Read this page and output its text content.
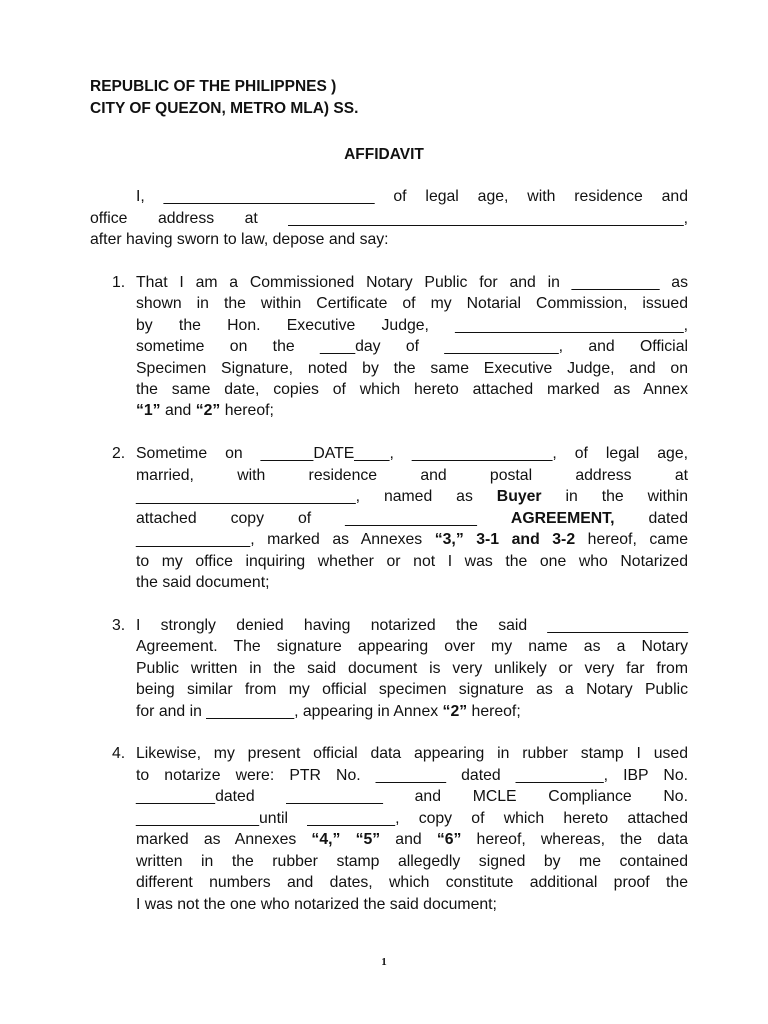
REPUBLIC OF THE PHILIPPNES )
CITY OF QUEZON, METRO MLA) SS.
AFFIDAVIT
I, ________________________ of legal age, with residence and
office address at _____________________________________________,
after having sworn to law, depose and say:
1. That I am a Commissioned Notary Public for and in __________ as
shown in the within Certificate of my Notarial Commission, issued
by the Hon. Executive Judge, __________________________,
sometime on the ____day of _____________, and Official
Specimen Signature, noted by the same Executive Judge, and on
the same date, copies of which hereto attached marked as Annex
“1” and “2” hereof;
2. Sometime on ______DATE____, ________________, of legal age,
married, with residence and postal address at
_________________________, named as Buyer in the within
attached copy of _______________ AGREEMENT, dated
_____________, marked as Annexes “3,” 3-1 and 3-2 hereof, came
to my office inquiring whether or not I was the one who Notarized
the said document;
3. I strongly denied having notarized the said ________________
Agreement. The signature appearing over my name as a Notary
Public written in the said document is very unlikely or very far from
being similar from my official specimen signature as a Notary Public
for and in __________, appearing in Annex “2” hereof;
4. Likewise, my present official data appearing in rubber stamp I used
to notarize were: PTR No. ________ dated __________, IBP No.
_________dated ___________ and MCLE Compliance No.
______________until __________, copy of which hereto attached
marked as Annexes “4,” “5” and “6” hereof, whereas, the data
written in the rubber stamp allegedly signed by me contained
different numbers and dates, which constitute additional proof the
I was not the one who notarized the said document;
1
